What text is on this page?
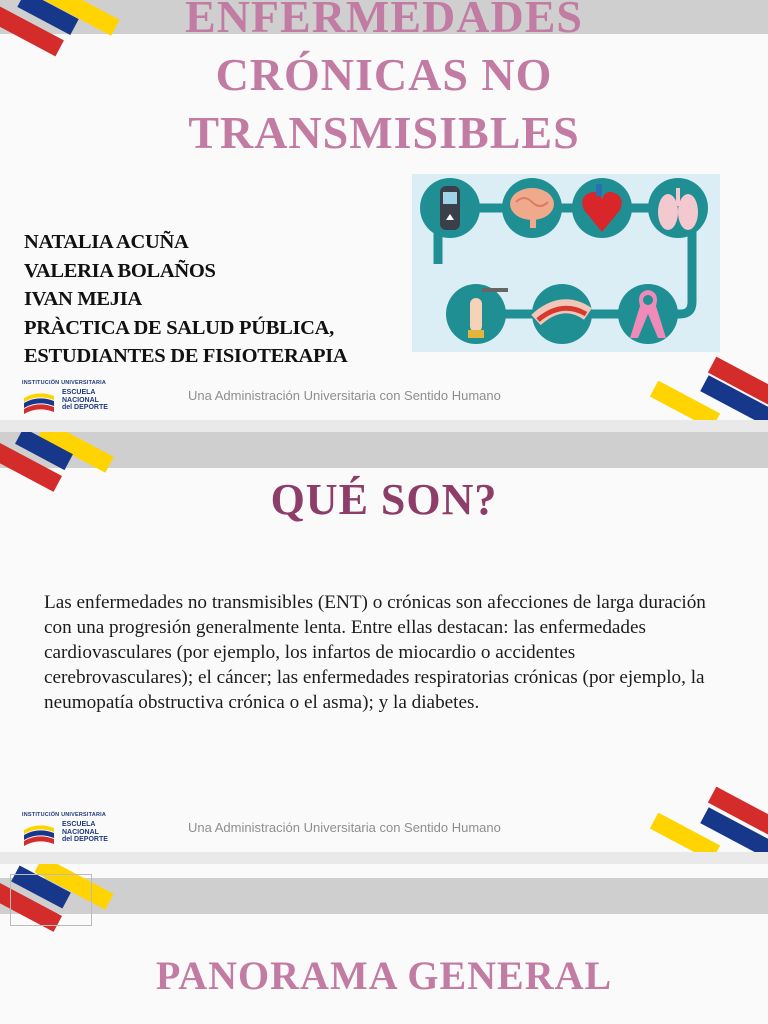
ENFERMEDADES
CRÓNICAS NO
TRANSMISIBLES
NATALIA ACUÑA
VALERIA BOLAÑOS
IVAN MEJIA
PRÀCTICA DE SALUD PÚBLICA,
ESTUDIANTES DE FISIOTERAPIA
INSTITUCIÓN UNIVERSITARIA
ESCUELA
NACIONAL
del DEPORTE
Una Administración Universitaria con Sentido Humano
INSTITUCIÓN UNIVERSITARIA
ESCUELA
NACIONAL
del DEPORTE
Una Administración Universitaria con Sentido Humano
QUÉ SON?
Las enfermedades no transmisibles (ENT) o crónicas son afecciones de larga duración con una progresión generalmente lenta. Entre ellas destacan: las enfermedades cardiovasculares (por ejemplo, los infartos de miocardio o accidentes cerebrovasculares); el cáncer; las enfermedades respiratorias crónicas (por ejemplo, la neumopatía obstructiva crónica o el asma); y la diabetes.
PANORAMA GENERAL
